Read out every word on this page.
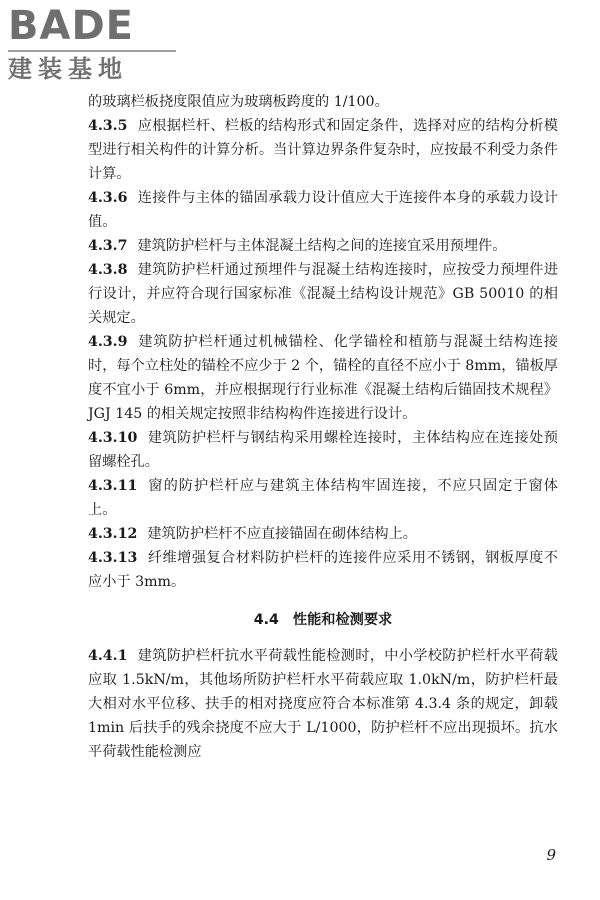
BADE
建装基地

的玻璃栏板挠度限值应为玻璃板跨度的 1/100。

4.3.5 应根据栏杆、栏板的结构形式和固定条件，选择对应的结构分析模型进行相关构件的计算分析。当计算边界条件复杂时，应按最不利受力条件计算。

4.3.6 连接件与主体的锚固承载力设计值应大于连接件本身的承载力设计值。

4.3.7 建筑防护栏杆与主体混凝土结构之间的连接宜采用预埋件。

4.3.8 建筑防护栏杆通过预埋件与混凝土结构连接时，应按受力预埋件进行设计，并应符合现行国家标准《混凝土结构设计规范》GB 50010 的相关规定。

4.3.9 建筑防护栏杆通过机械锚栓、化学锚栓和植筋与混凝土结构连接时，每个立柱处的锚栓不应少于 2 个，锚栓的直径不应小于 8mm，锚板厚度不宜小于 6mm，并应根据现行行业标准《混凝土结构后锚固技术规程》JGJ 145 的相关规定按照非结构构件连接进行设计。

4.3.10 建筑防护栏杆与钢结构采用螺栓连接时，主体结构应在连接处预留螺栓孔。

4.3.11 窗的防护栏杆应与建筑主体结构牢固连接，不应只固定于窗体上。

4.3.12 建筑防护栏杆不应直接锚固在砌体结构上。

4.3.13 纤维增强复合材料防护栏杆的连接件应采用不锈钢，钢板厚度不应小于 3mm。

4.4 性能和检测要求

4.4.1 建筑防护栏杆抗水平荷载性能检测时，中小学校防护栏杆水平荷载应取 1.5kN/m，其他场所防护栏杆水平荷载应取 1.0kN/m，防护栏杆最大相对水平位移、扶手的相对挠度应符合本标准第 4.3.4 条的规定，卸载 1min 后扶手的残余挠度不应大于 L/1000，防护栏杆不应出现损坏。抗水平荷载性能检测应

9
